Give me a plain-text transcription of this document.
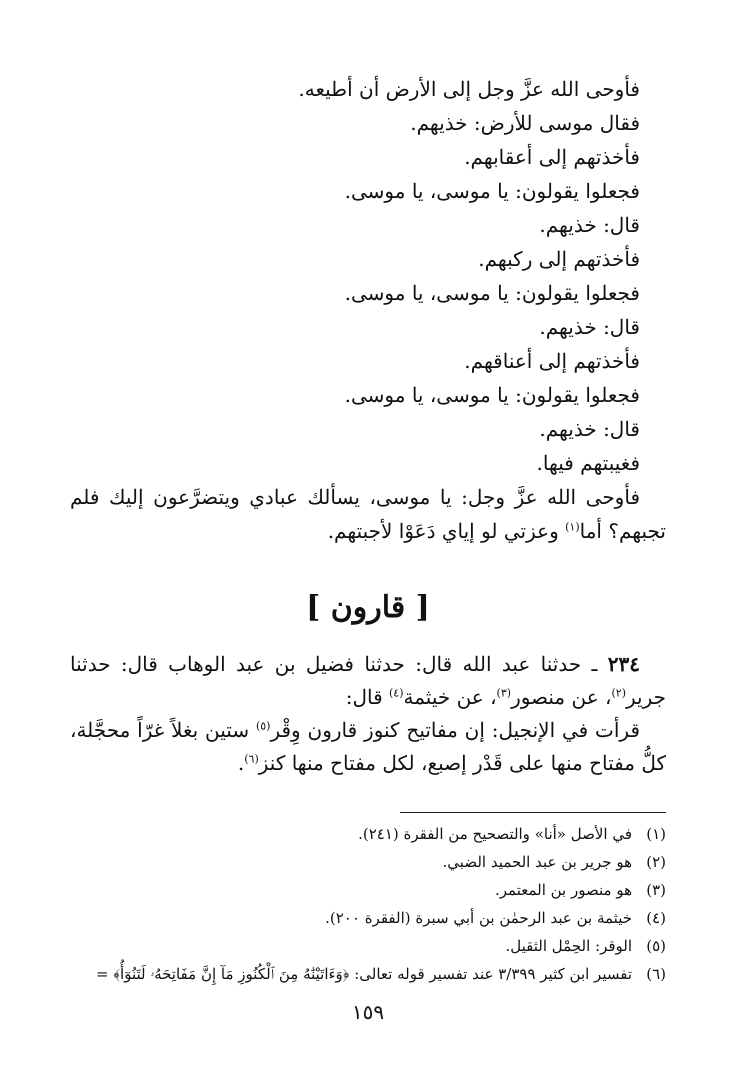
فأوحى الله عزَّ وجل إلى الأرض أن أطيعه.
فقال موسى للأرض: خذيهم.
فأخذتهم إلى أعقابهم.
فجعلوا يقولون: يا موسى، يا موسى.
قال: خذيهم.
فأخذتهم إلى ركبهم.
فجعلوا يقولون: يا موسى، يا موسى.
قال: خذيهم.
فأخذتهم إلى أعناقهم.
فجعلوا يقولون: يا موسى، يا موسى.
قال: خذيهم.
فغيبتهم فيها.
فأوحى الله عزَّ وجل: يا موسى، يسألك عبادي ويتضرَّعون إليك فلم تجبهم؟ أما$^{(١)}$ وعزتي لو إياي دَعَوْا لأجبتهم.
[ قارون ]
٢٣٤ ـ حدثنا عبد الله قال: حدثنا فضيل بن عبد الوهاب قال: حدثنا جرير$^{(٢)}$، عن منصور$^{(٣)}$، عن خيثمة$^{(٤)}$ قال:
قرأت في الإنجيل: إن مفاتيح كنوز قارون وِقْر$^{(٥)}$ ستين بغلاً غرّاً محجَّلة، كلُّ مفتاح منها على قَدْر إصبع، لكل مفتاح منها كنز$^{(٦)}$.
(١)في الأصل «أنا» والتصحيح من الفقرة (٢٤١).
(٢)هو جرير بن عبد الحميد الضبي.
(٣)هو منصور بن المعتمر.
(٤)خيثمة بن عبد الرحمٰن بن أبي سبرة (الفقرة ٢٠٠).
(٥)الوقر: الحِمْل الثقيل.
(٦)تفسير ابن كثير ٣/٣٩٩ عند تفسير قوله تعالى: ﴿وَءَاتَيْنَٰهُ مِنَ ٱلْكُنُوزِ مَآ إِنَّ مَفَاتِحَهُۥ لَتَنُوٓأُ﴾ =
١٥٩
